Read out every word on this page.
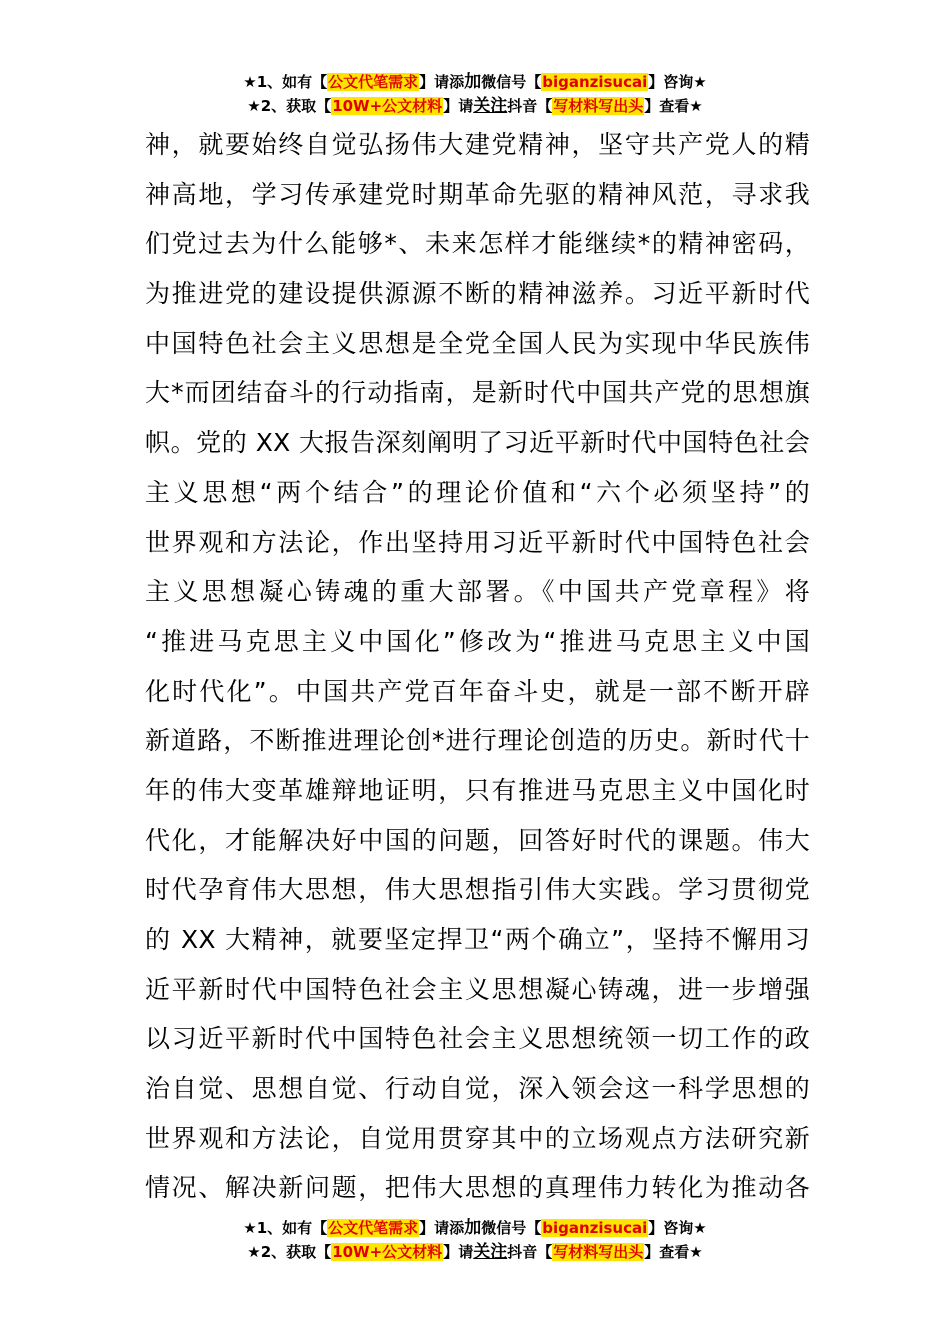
★1、如有【公文代笔需求】请添加微信号【biganzisucai】咨询★
★2、获取【10W+公文材料】请关注抖音【写材料写出头】查看★
神，就要始终自觉弘扬伟大建党精神，坚守共产党人的精
神高地，学习传承建党时期革命先驱的精神风范，寻求我
们党过去为什么能够*、未来怎样才能继续*的精神密码，
为推进党的建设提供源源不断的精神滋养。习近平新时代
中国特色社会主义思想是全党全国人民为实现中华民族伟
大*而团结奋斗的行动指南，是新时代中国共产党的思想旗
帜。党的 XX 大报告深刻阐明了习近平新时代中国特色社会
主义思想“两个结合”的理论价值和“六个必须坚持”的
世界观和方法论，作出坚持用习近平新时代中国特色社会
主义思想凝心铸魂的重大部署。《中国共产党章程》将
“推进马克思主义中国化”修改为“推进马克思主义中国
化时代化”。中国共产党百年奋斗史，就是一部不断开辟
新道路，不断推进理论创*进行理论创造的历史。新时代十
年的伟大变革雄辩地证明，只有推进马克思主义中国化时
代化，才能解决好中国的问题，回答好时代的课题。伟大
时代孕育伟大思想，伟大思想指引伟大实践。学习贯彻党
的 XX 大精神，就要坚定捍卫“两个确立”，坚持不懈用习
近平新时代中国特色社会主义思想凝心铸魂，进一步增强
以习近平新时代中国特色社会主义思想统领一切工作的政
治自觉、思想自觉、行动自觉，深入领会这一科学思想的
世界观和方法论，自觉用贯穿其中的立场观点方法研究新
情况、解决新问题，把伟大思想的真理伟力转化为推动各
★1、如有【公文代笔需求】请添加微信号【biganzisucai】咨询★
★2、获取【10W+公文材料】请关注抖音【写材料写出头】查看★
